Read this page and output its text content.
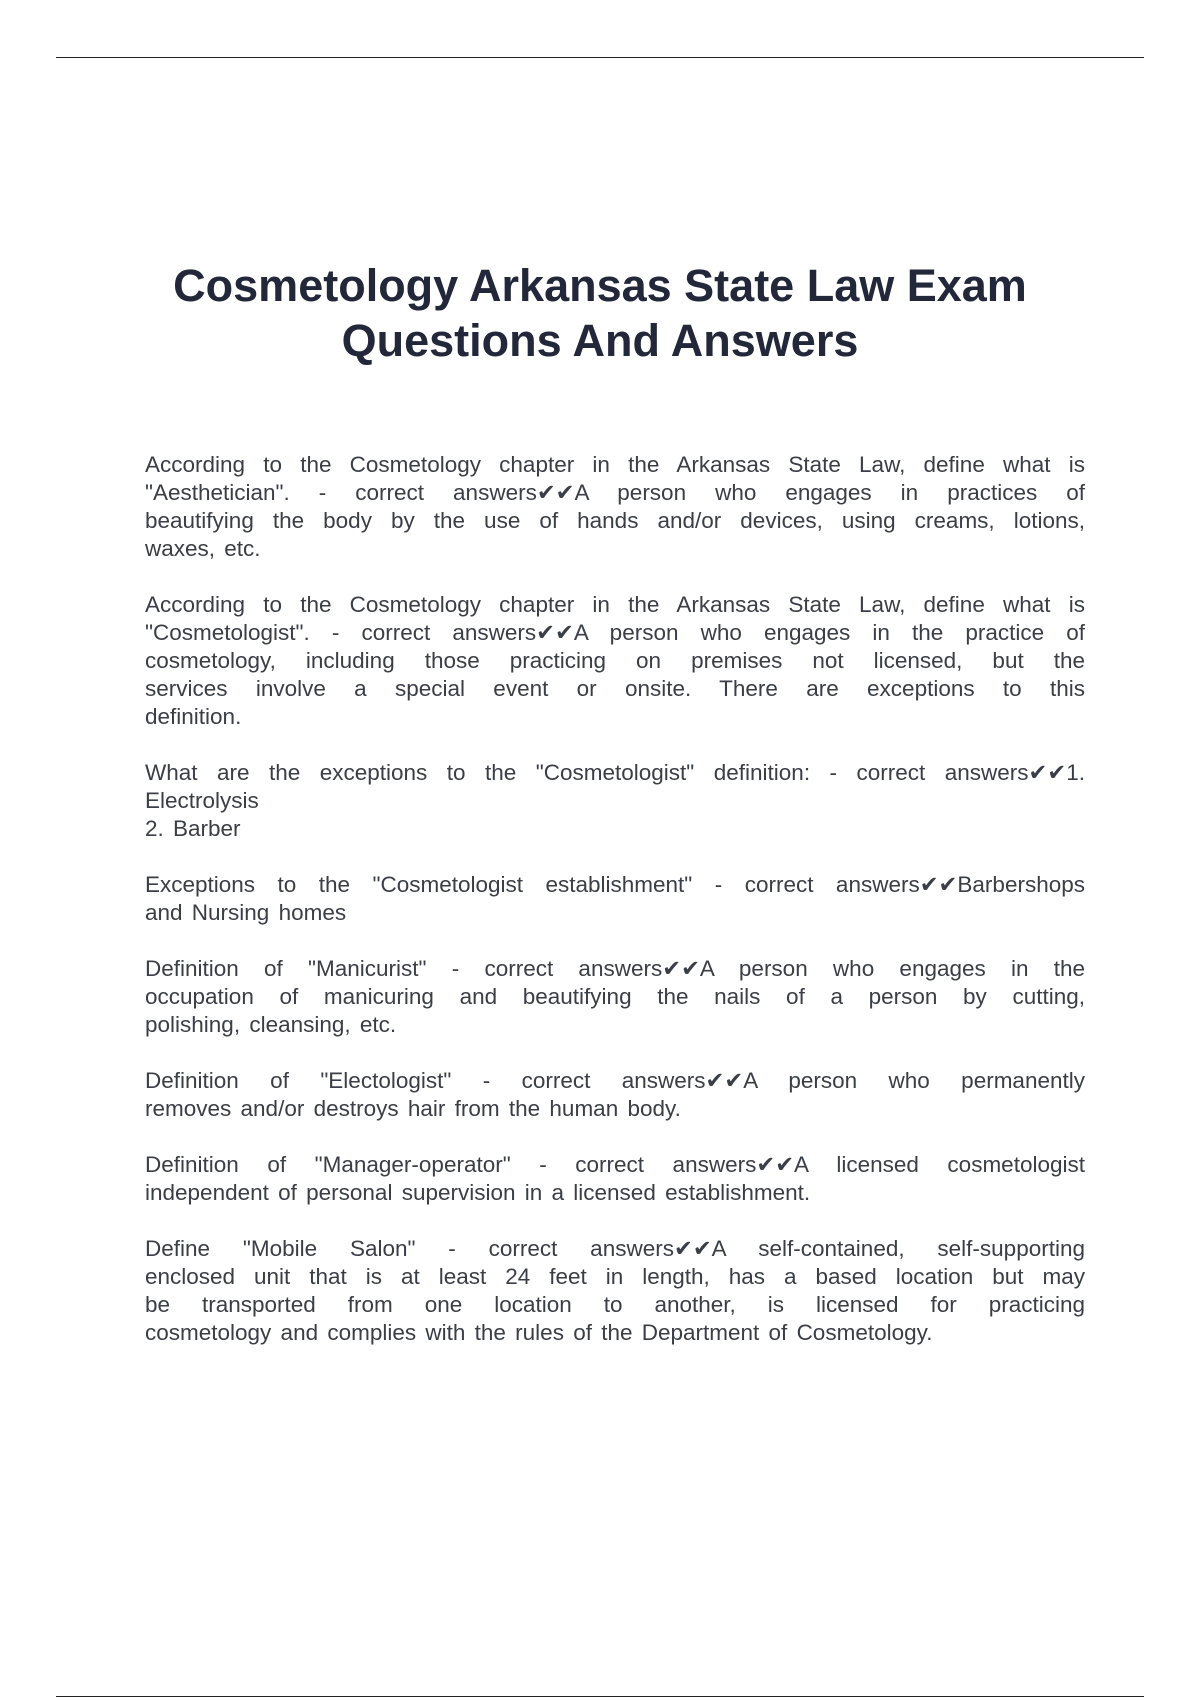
Cosmetology Arkansas State Law Exam
Questions And Answers
According to the Cosmetology chapter in the Arkansas State Law, define what is
"Aesthetician". - correct answers✔✔A person who engages in practices of
beautifying the body by the use of hands and/or devices, using creams, lotions,
waxes, etc.
According to the Cosmetology chapter in the Arkansas State Law, define what is
"Cosmetologist". - correct answers✔✔A person who engages in the practice of
cosmetology, including those practicing on premises not licensed, but the
services involve a special event or onsite. There are exceptions to this
definition.
What are the exceptions to the "Cosmetologist" definition: - correct answers✔✔1.
Electrolysis
2. Barber
Exceptions to the "Cosmetologist establishment" - correct answers✔✔Barbershops
and Nursing homes
Definition of "Manicurist" - correct answers✔✔A person who engages in the
occupation of manicuring and beautifying the nails of a person by cutting,
polishing, cleansing, etc.
Definition of "Electologist" - correct answers✔✔A person who permanently
removes and/or destroys hair from the human body.
Definition of "Manager-operator" - correct answers✔✔A licensed cosmetologist
independent of personal supervision in a licensed establishment.
Define "Mobile Salon" - correct answers✔✔A self-contained, self-supporting
enclosed unit that is at least 24 feet in length, has a based location but may
be transported from one location to another, is licensed for practicing
cosmetology and complies with the rules of the Department of Cosmetology.
